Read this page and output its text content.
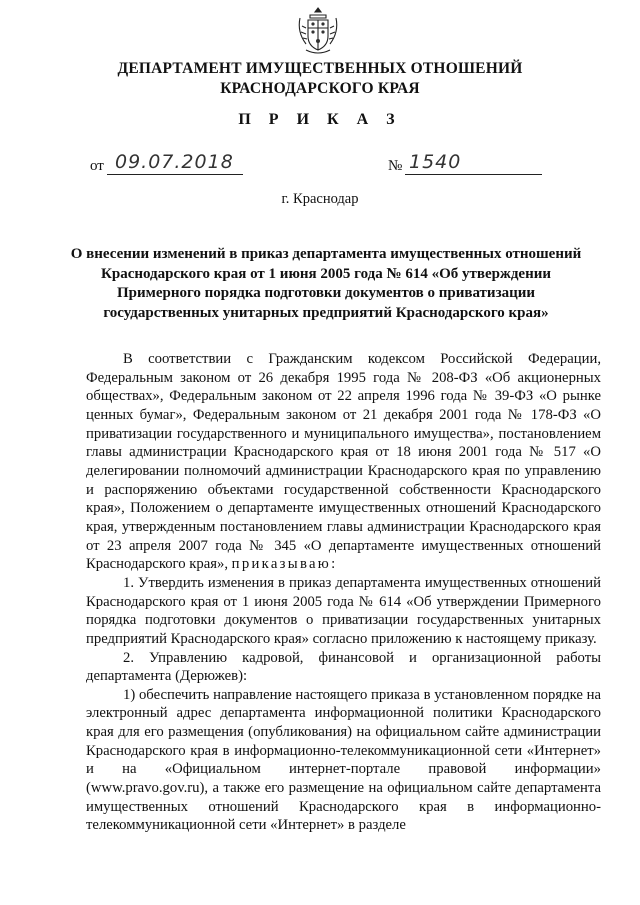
ДЕПАРТАМЕНТ ИМУЩЕСТВЕННЫХ ОТНОШЕНИЙ
КРАСНОДАРСКОГО КРАЯ
П Р И К А З
от 09.07.2018	№ 1540
г. Краснодар
О внесении изменений в приказ департамента имущественных отношений Краснодарского края от 1 июня 2005 года № 614 «Об утверждении Примерного порядка подготовки документов о приватизации государственных унитарных предприятий Краснодарского края»

В соответствии с Гражданским кодексом Российской Федерации, Федеральным законом от 26 декабря 1995 года № 208-ФЗ «Об акционерных обществах», Федеральным законом от 22 апреля 1996 года № 39-ФЗ «О рынке ценных бумаг», Федеральным законом от 21 декабря 2001 года № 178-ФЗ «О приватизации государственного и муниципального имущества», постановлением главы администрации Краснодарского края от 18 июня 2001 года № 517 «О делегировании полномочий администрации Краснодарского края по управлению и распоряжению объектами государственной собственности Краснодарского края», Положением о департаменте имущественных отношений Краснодарского края, утвержденным постановлением главы администрации Краснодарского края от 23 апреля 2007 года № 345 «О департаменте имущественных отношений Краснодарского края», приказываю:

1. Утвердить изменения в приказ департамента имущественных отношений Краснодарского края от 1 июня 2005 года № 614 «Об утверждении Примерного порядка подготовки документов о приватизации государственных унитарных предприятий Краснодарского края» согласно приложению к настоящему приказу.

2. Управлению кадровой, финансовой и организационной работы департамента (Дерюжев):

1) обеспечить направление настоящего приказа в установленном порядке на электронный адрес департамента информационной политики Краснодарского края для его размещения (опубликования) на официальном сайте администрации Краснодарского края в информационно-телекоммуникационной сети «Интернет» и на «Официальном интернет-портале правовой информации» (www.pravo.gov.ru), а также его размещение на официальном сайте департамента имущественных отношений Краснодарского края в информационно-телекоммуникационной сети «Интернет» в разделе
